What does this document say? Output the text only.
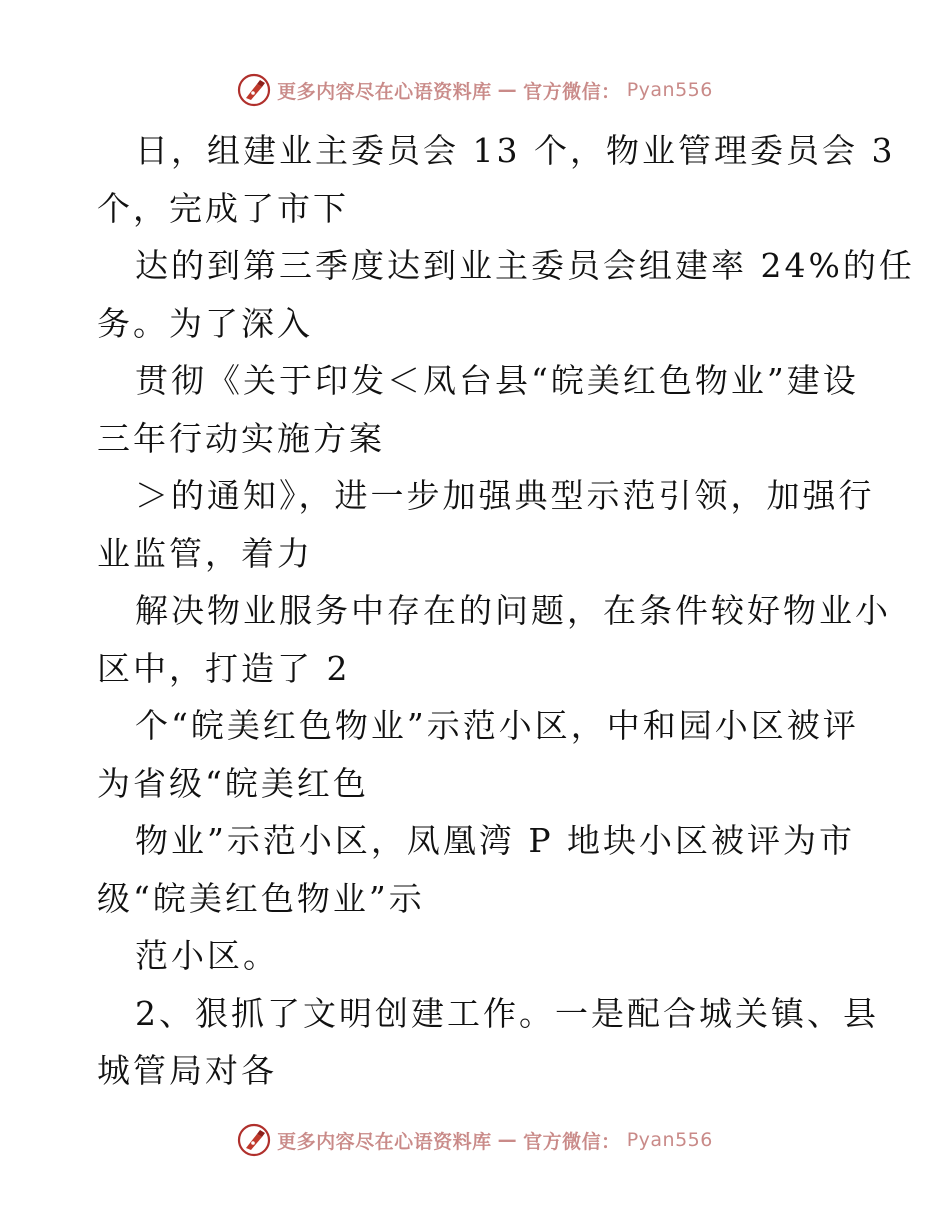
更多内容尽在心语资料库 — 官方微信： Pyan556
日，组建业主委员会 13 个，物业管理委员会 3
个，完成了市下
达的到第三季度达到业主委员会组建率 24%的任
务。为了深入
贯彻《关于印发＜凤台县“皖美红色物业”建设
三年行动实施方案
＞的通知》，进一步加强典型示范引领，加强行
业监管，着力
解决物业服务中存在的问题，在条件较好物业小
区中，打造了 2
个“皖美红色物业”示范小区，中和园小区被评
为省级“皖美红色
物业”示范小区，凤凰湾 P 地块小区被评为市
级“皖美红色物业”示
范小区。
2、狠抓了文明创建工作。一是配合城关镇、县
城管局对各
更多内容尽在心语资料库 — 官方微信： Pyan556
